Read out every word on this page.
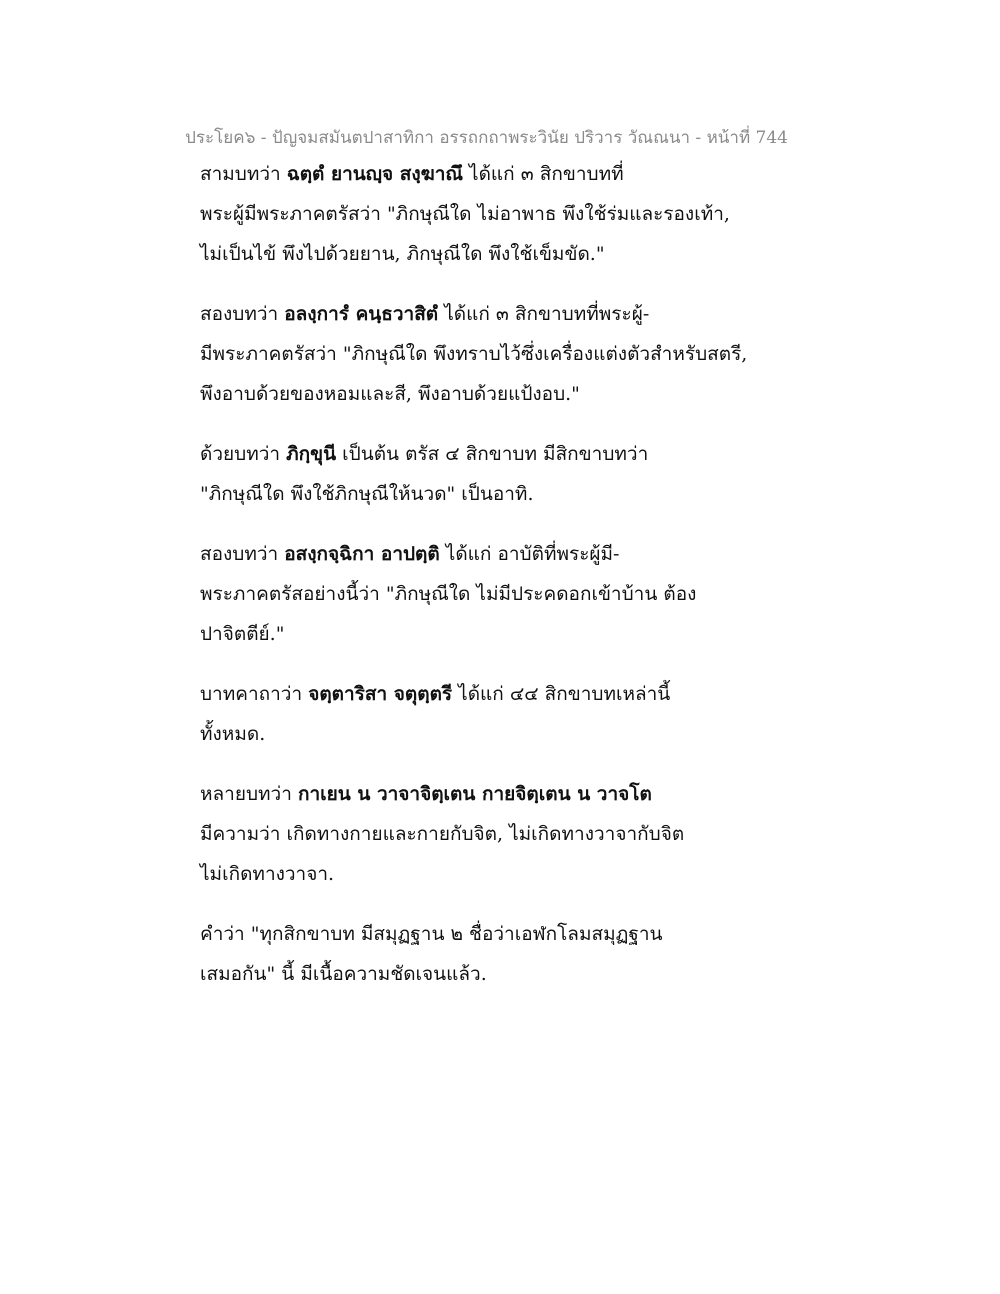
ประโยค๖ - ปัญจมสมันตปาสาทิกา อรรถกถาพระวินัย ปริวาร วัณณนา - หน้าที่ 744

สามบทว่า ฉตฺตํ ยานญฺจ สงฺฆาณึ ได้แก่ ๓ สิกขาบทที่
พระผู้มีพระภาคตรัสว่า "ภิกษุณีใด ไม่อาพาธ พึงใช้ร่มและรองเท้า,
ไม่เป็นไข้ พึงไปด้วยยาน, ภิกษุณีใด พึงใช้เข็มขัด."

สองบทว่า อลงฺการํ คนฺธวาสิตํ ได้แก่ ๓ สิกขาบทที่พระผู้-
มีพระภาคตรัสว่า "ภิกษุณีใด พึงทราบไว้ซึ่งเครื่องแต่งตัวสำหรับสตรี,
พึงอาบด้วยของหอมและสี, พึงอาบด้วยแป้งอบ."

ด้วยบทว่า ภิกฺขุนี เป็นต้น ตรัส ๔ สิกขาบท มีสิกขาบทว่า
"ภิกษุณีใด พึงใช้ภิกษุณีให้นวด" เป็นอาทิ.

สองบทว่า อสงฺกจฺฉิกา อาปตฺติ ได้แก่ อาบัติที่พระผู้มี-
พระภาคตรัสอย่างนี้ว่า "ภิกษุณีใด ไม่มีประคดอกเข้าบ้าน ต้อง
ปาจิตตีย์."

บาทคาถาว่า จตฺตาริสา จตุตฺตรี ได้แก่ ๔๔ สิกขาบทเหล่านี้
ทั้งหมด.

หลายบทว่า กาเยน น วาจาจิตฺเตน กายจิตฺเตน น วาจโต
มีความว่า เกิดทางกายและกายกับจิต, ไม่เกิดทางวาจากับจิต
ไม่เกิดทางวาจา.

คำว่า "ทุกสิกขาบท มีสมุฏฐาน ๒ ชื่อว่าเอฬกโลมสมุฏฐาน
เสมอกัน" นี้ มีเนื้อความชัดเจนแล้ว.
